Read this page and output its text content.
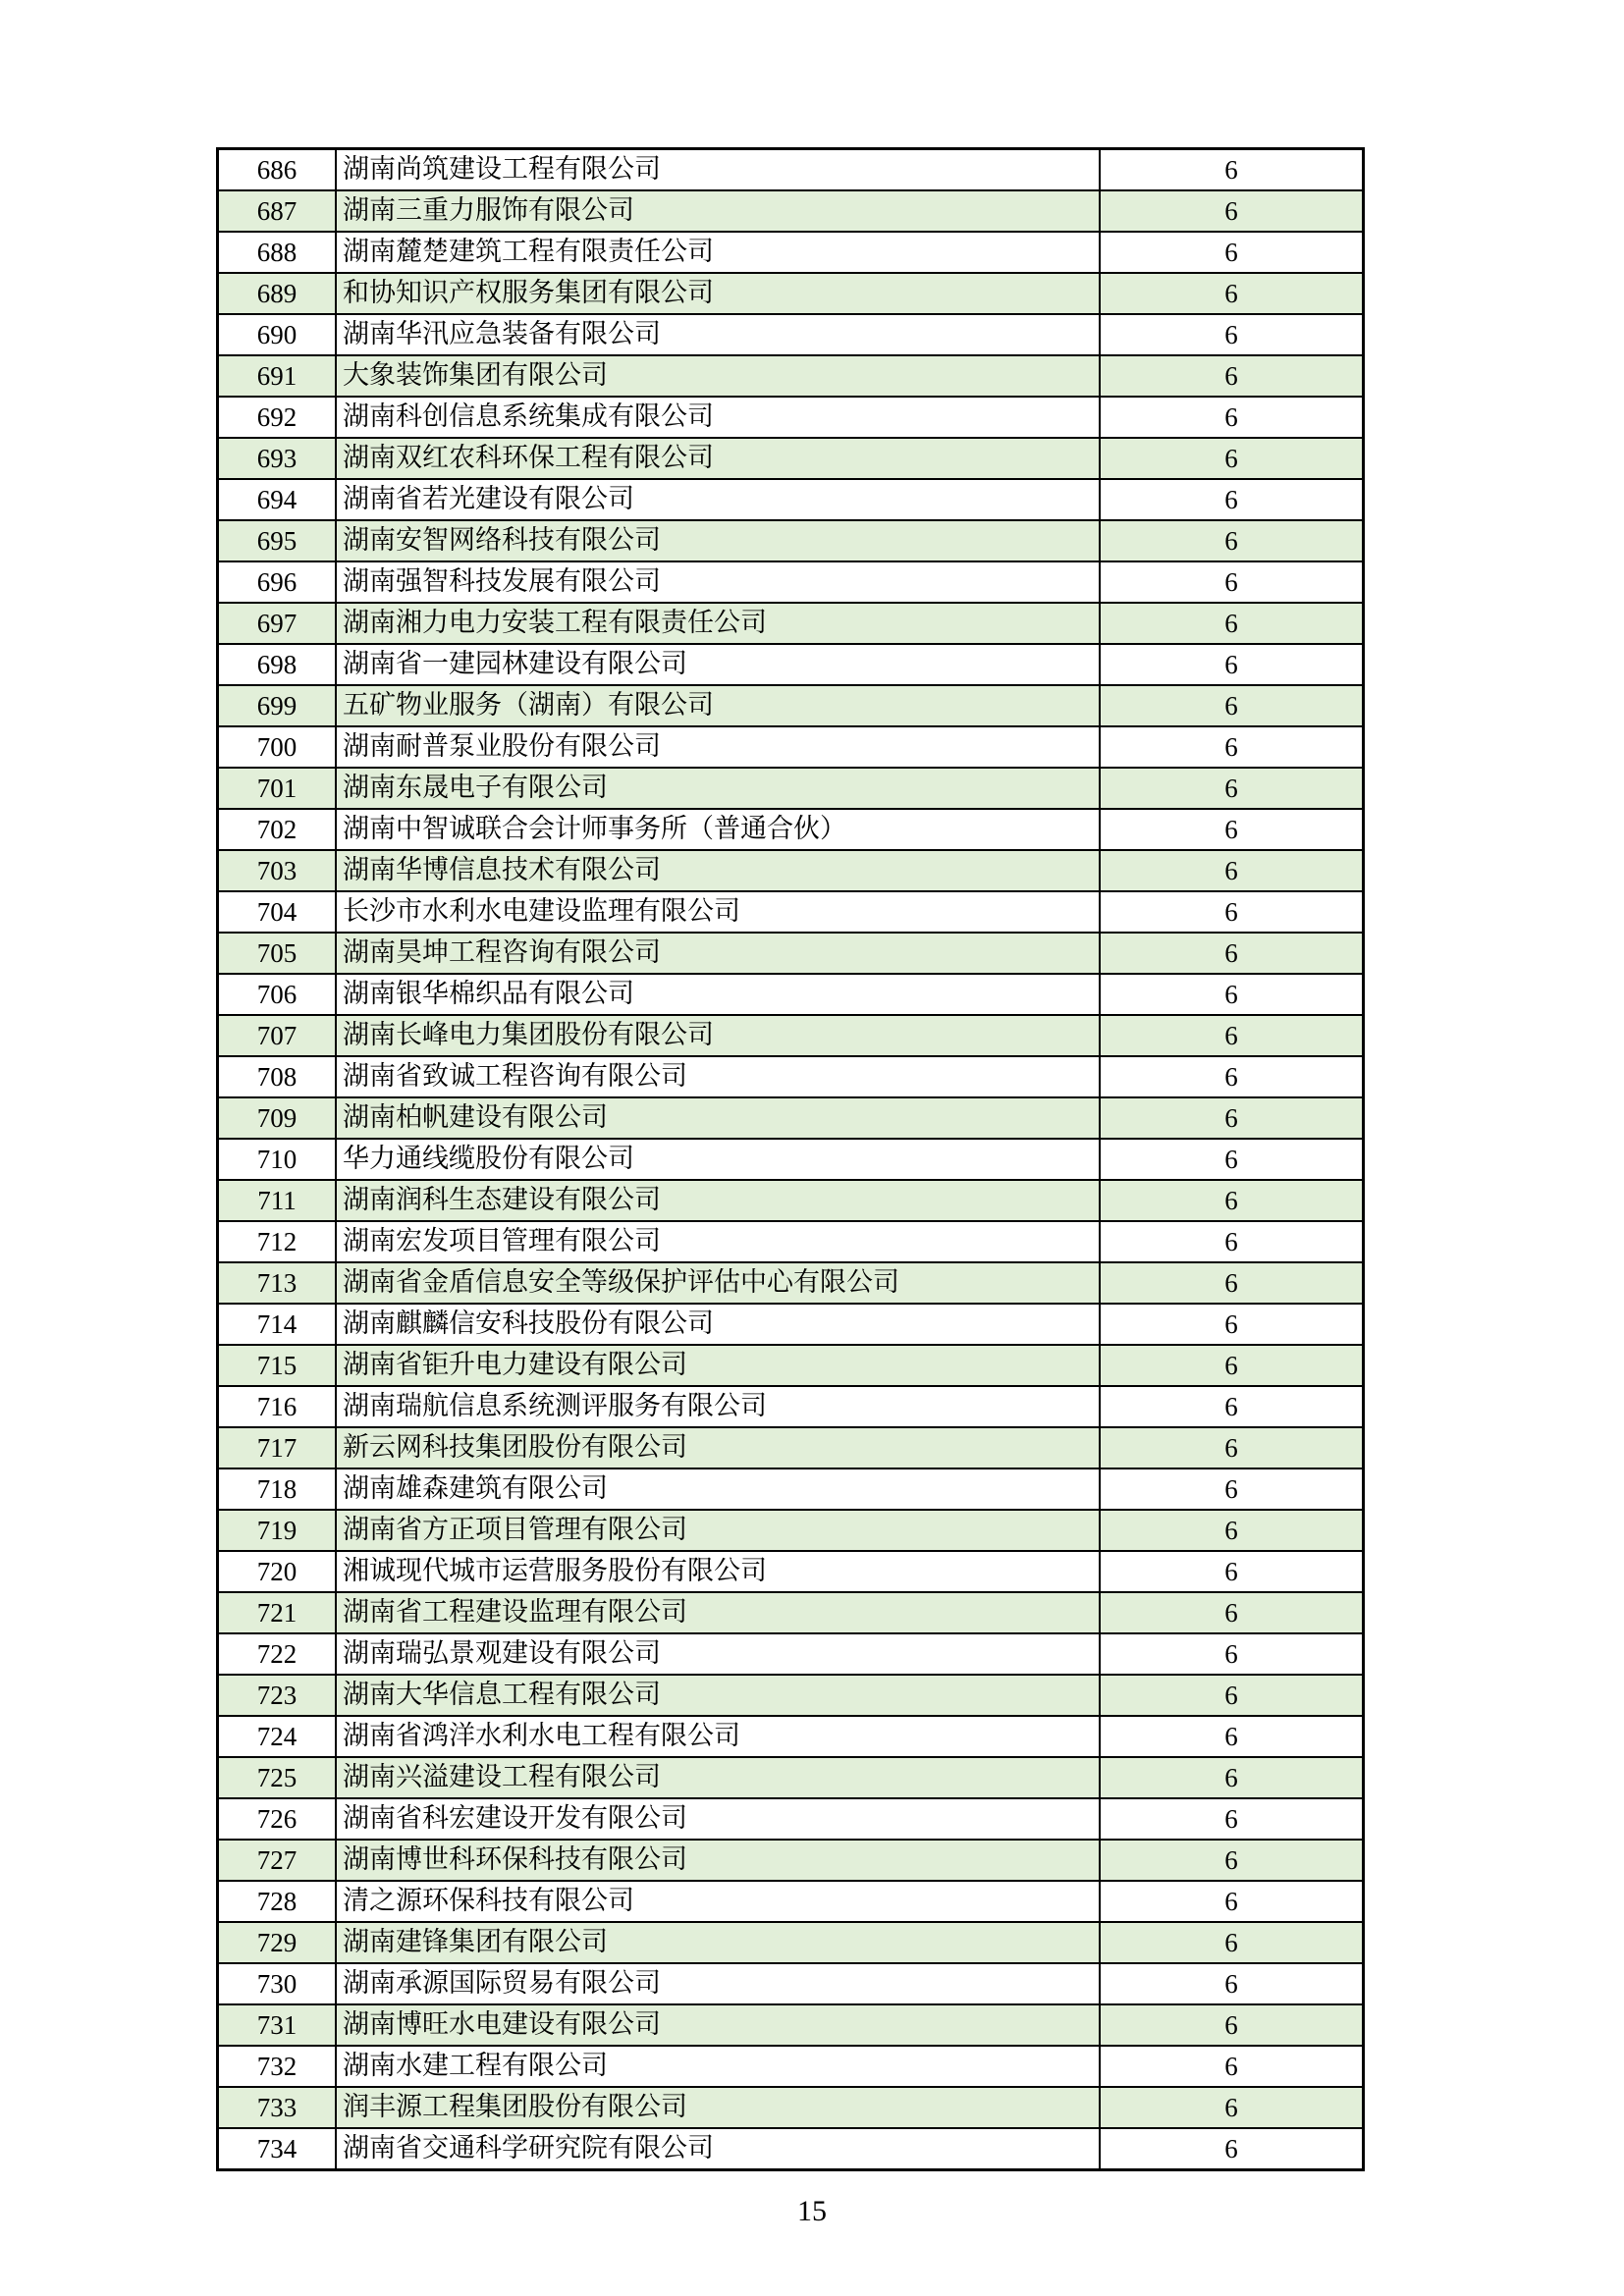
686	湖南尚筑建设工程有限公司	6
687	湖南三重力服饰有限公司	6
688	湖南麓楚建筑工程有限责任公司	6
689	和协知识产权服务集团有限公司	6
690	湖南华汛应急装备有限公司	6
691	大象装饰集团有限公司	6
692	湖南科创信息系统集成有限公司	6
693	湖南双红农科环保工程有限公司	6
694	湖南省若光建设有限公司	6
695	湖南安智网络科技有限公司	6
696	湖南强智科技发展有限公司	6
697	湖南湘力电力安装工程有限责任公司	6
698	湖南省一建园林建设有限公司	6
699	五矿物业服务（湖南）有限公司	6
700	湖南耐普泵业股份有限公司	6
701	湖南东晟电子有限公司	6
702	湖南中智诚联合会计师事务所（普通合伙）	6
703	湖南华博信息技术有限公司	6
704	长沙市水利水电建设监理有限公司	6
705	湖南昊坤工程咨询有限公司	6
706	湖南银华棉织品有限公司	6
707	湖南长峰电力集团股份有限公司	6
708	湖南省致诚工程咨询有限公司	6
709	湖南柏帆建设有限公司	6
710	华力通线缆股份有限公司	6
711	湖南润科生态建设有限公司	6
712	湖南宏发项目管理有限公司	6
713	湖南省金盾信息安全等级保护评估中心有限公司	6
714	湖南麒麟信安科技股份有限公司	6
715	湖南省钜升电力建设有限公司	6
716	湖南瑞航信息系统测评服务有限公司	6
717	新云网科技集团股份有限公司	6
718	湖南雄森建筑有限公司	6
719	湖南省方正项目管理有限公司	6
720	湘诚现代城市运营服务股份有限公司	6
721	湖南省工程建设监理有限公司	6
722	湖南瑞弘景观建设有限公司	6
723	湖南大华信息工程有限公司	6
724	湖南省鸿洋水利水电工程有限公司	6
725	湖南兴溢建设工程有限公司	6
726	湖南省科宏建设开发有限公司	6
727	湖南博世科环保科技有限公司	6
728	清之源环保科技有限公司	6
729	湖南建锋集团有限公司	6
730	湖南承源国际贸易有限公司	6
731	湖南博旺水电建设有限公司	6
732	湖南水建工程有限公司	6
733	润丰源工程集团股份有限公司	6
734	湖南省交通科学研究院有限公司	6
15
